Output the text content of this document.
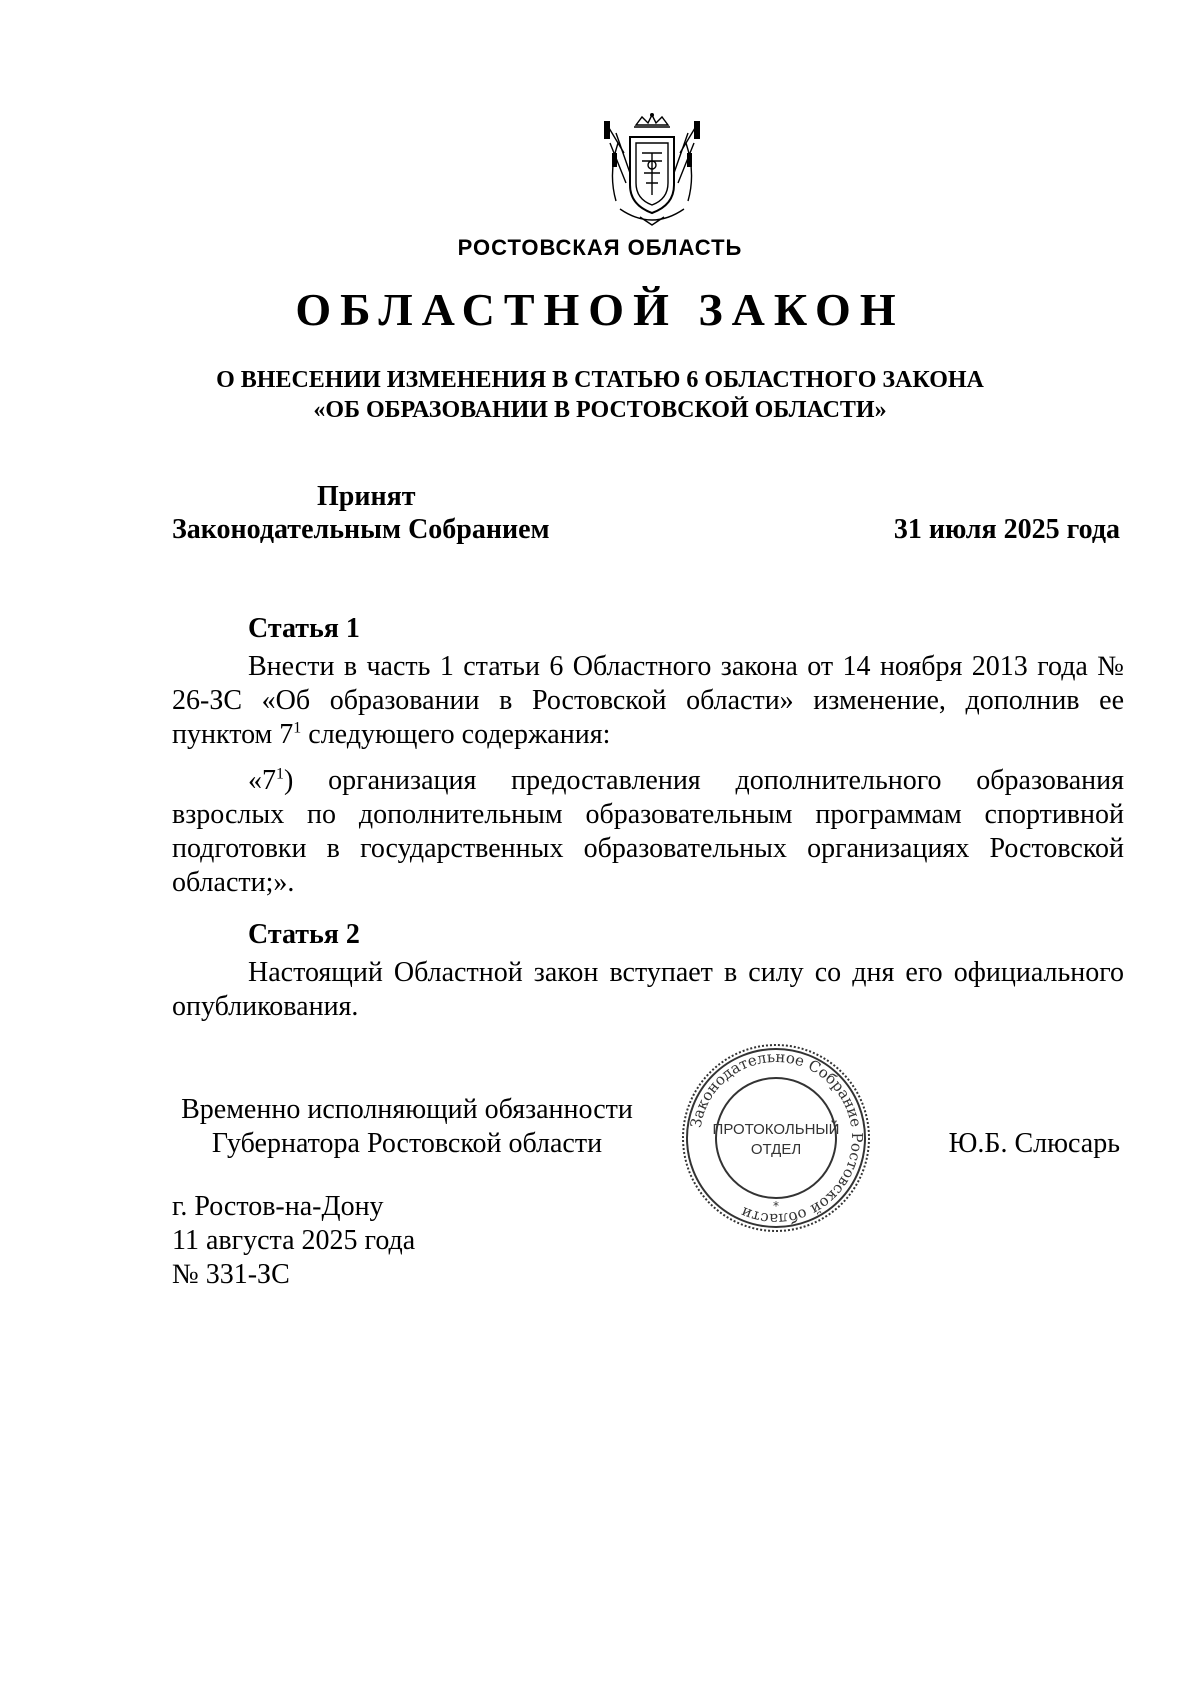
РОСТОВСКАЯ ОБЛАСТЬ
ОБЛАСТНОЙ ЗАКОН
О ВНЕСЕНИИ ИЗМЕНЕНИЯ В СТАТЬЮ 6 ОБЛАСТНОГО ЗАКОНА
«ОБ ОБРАЗОВАНИИ В РОСТОВСКОЙ ОБЛАСТИ»
Принят
Законодательным Собранием	31 июля 2025 года
Статья 1

Внести в часть 1 статьи 6 Областного закона от 14 ноября 2013 года № 26-ЗС «Об образовании в Ростовской области» изменение, дополнив ее пунктом $7^1$ следующего содержания:

«$7^1$) организация предоставления дополнительного образования взрослых по дополнительным образовательным программам спортивной подготовки в государственных образовательных организациях Ростовской области;».

Статья 2

Настоящий Областной закон вступает в силу со дня его официального опубликования.

Временно исполняющий обязанности
Губернатора Ростовской области	Ю.Б. Слюсарь
Законодательное Собрание Ростовской области
ПРОТОКОЛЬНЫЙ
ОТДЕЛ
*
г. Ростов-на-Дону
11 августа 2025 года
№ 331-ЗС
